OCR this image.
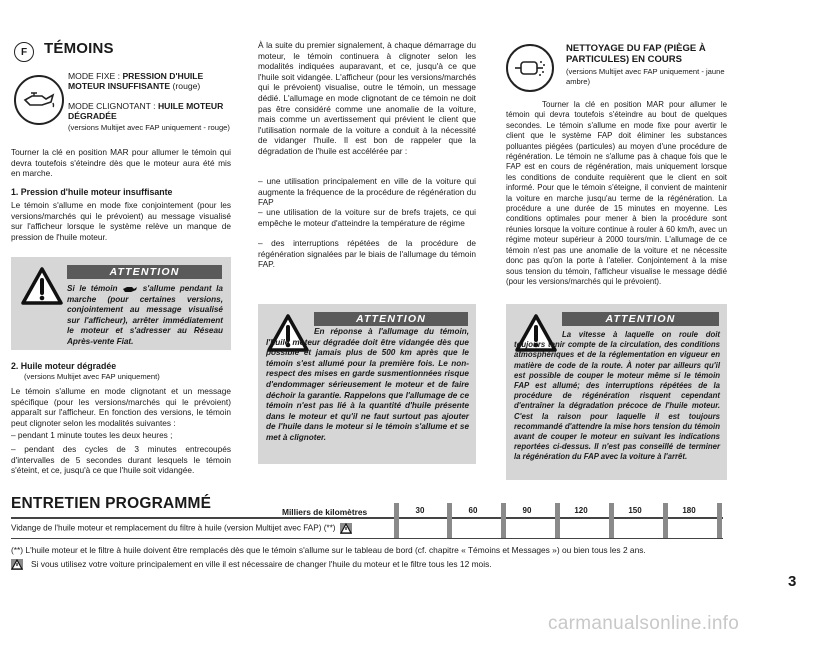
F	TÉMOINS
MODE FIXE : PRESSION D'HUILE MOTEUR INSUFFISANTE (rouge)
MODE CLIGNOTANT : HUILE MOTEUR DÉGRADÉE
(versions Multijet avec FAP uniquement - rouge)
Tourner la clé en position MAR pour allumer le témoin qui devra toutefois s'éteindre dès que le moteur aura été mis en marche.
1. Pression d'huile moteur insuffisante
Le témoin s'allume en mode fixe conjointement (pour les versions/marchés qui le prévoient) au message visualisé sur l'afficheur lorsque le système relève un manque de pression de l'huile moteur.
ATTENTION
Si le témoin  s'allume pendant la marche (pour certaines versions, conjointement au message visualisé sur l'afficheur), arrêter immédiatement le moteur et s'adresser au Réseau Après-vente Fiat.
2. Huile moteur dégradée
(versions Multijet avec FAP uniquement)
Le témoin s'allume en mode clignotant et un message spécifique (pour les versions/marchés qui le prévoient) apparaît sur l'afficheur. En fonction des versions, le témoin peut clignoter selon les modalités suivantes :
– pendant 1 minute toutes les deux heures ;
– pendant des cycles de 3 minutes entrecoupés d'intervalles de 5 secondes durant lesquels le témoin s'éteint, et ce, jusqu'à ce que l'huile soit vidangée.
À la suite du premier signalement, à chaque démarrage du moteur, le témoin continuera à clignoter selon les modalités indiquées auparavant, et ce, jusqu'à ce que l'huile soit vidangée. L'afficheur (pour les versions/marchés qui le prévoient) visualise, outre le témoin, un message dédié. L'allumage en mode clignotant de ce témoin ne doit pas être considéré comme une anomalie de la voiture, mais comme un avertissement qui prévient le client que l'utilisation normale de la voiture a conduit à la nécessité de vidanger l'huile. Il est bon de rappeler que la dégradation de l'huile est accélérée par :
– une utilisation principalement en ville de la voiture qui augmente la fréquence de la procédure de régénération du FAP
– une utilisation de la voiture sur de brefs trajets, ce qui empêche le moteur d'atteindre la température de régime
– des interruptions répétées de la procédure de régénération signalées par le biais de l'allumage du témoin FAP.
ATTENTION
En réponse à l'allumage du témoin, l'huile moteur dégradée doit être vidangée dès que possible et jamais plus de 500 km après que le témoin s'est allumé pour la première fois. Le non-respect des mises en garde susmentionnées risque d'endommager sérieusement le moteur et de faire déchoir la garantie. Rappelons que l'allumage de ce témoin n'est pas lié à la quantité d'huile présente dans le moteur et qu'il ne faut surtout pas ajouter de l'huile dans le moteur si le témoin s'allume et se met à clignoter.
NETTOYAGE DU FAP (PIÈGE À PARTICULES) EN COURS
(versions Multijet avec FAP uniquement - jaune ambre)
Tourner la clé en position MAR pour allumer le témoin qui devra toutefois s'éteindre au bout de quelques secondes. Le témoin s'allume en mode fixe pour avertir le client que le système FAP doit éliminer les substances polluantes piégées (particules) au moyen d'une procédure de régénération. Le témoin ne s'allume pas à chaque fois que le FAP est en cours de régénération, mais uniquement lorsque les conditions de conduite requièrent que le client en soit informé. Pour que le témoin s'éteigne, il convient de maintenir la voiture en marche jusqu'au terme de la régénération. La procédure a une durée de 15 minutes en moyenne. Les conditions optimales pour mener à bien la procédure sont réunies lorsque la voiture continue à rouler à 60 km/h, avec un régime moteur supérieur à 2000 tours/min. L'allumage de ce témoin n'est pas une anomalie de la voiture et ne nécessite donc pas qu'on la porte à l'atelier. Conjointement à la mise sous tension du témoin, l'afficheur visualise le message dédié (pour les versions/marchés qui le prévoient).
ATTENTION
La vitesse à laquelle on roule doit toujours tenir compte de la circulation, des conditions atmosphériques et de la réglementation en vigueur en matière de code de la route. À noter par ailleurs qu'il est possible de couper le moteur même si le témoin FAP est allumé; des interruptions répétées de la procédure de régénération risquent cependant d'entraîner la dégradation précoce de l'huile moteur. C'est la raison pour laquelle il est toujours recommandé d'attendre la mise hors tension du témoin avant de couper le moteur en suivant les indications reportées ci-dessus. Il n'est pas conseillé de terminer la régénération du FAP avec la voiture à l'arrêt.
ENTRETIEN PROGRAMMÉ	Milliers de kilomètres	30	60	90	120	150	180
Vidange de l'huile moteur et remplacement du filtre à huile (version Multijet avec FAP) (**)
(**) L'huile moteur et le filtre à huile doivent être remplacés dès que le témoin s'allume sur le tableau de bord (cf. chapitre « Témoins et Messages ») ou bien tous les 2 ans.
Si vous utilisez votre voiture principalement en ville il est nécessaire de changer l'huile du moteur et le filtre tous les 12 mois.
3
carmanualsonline.info
